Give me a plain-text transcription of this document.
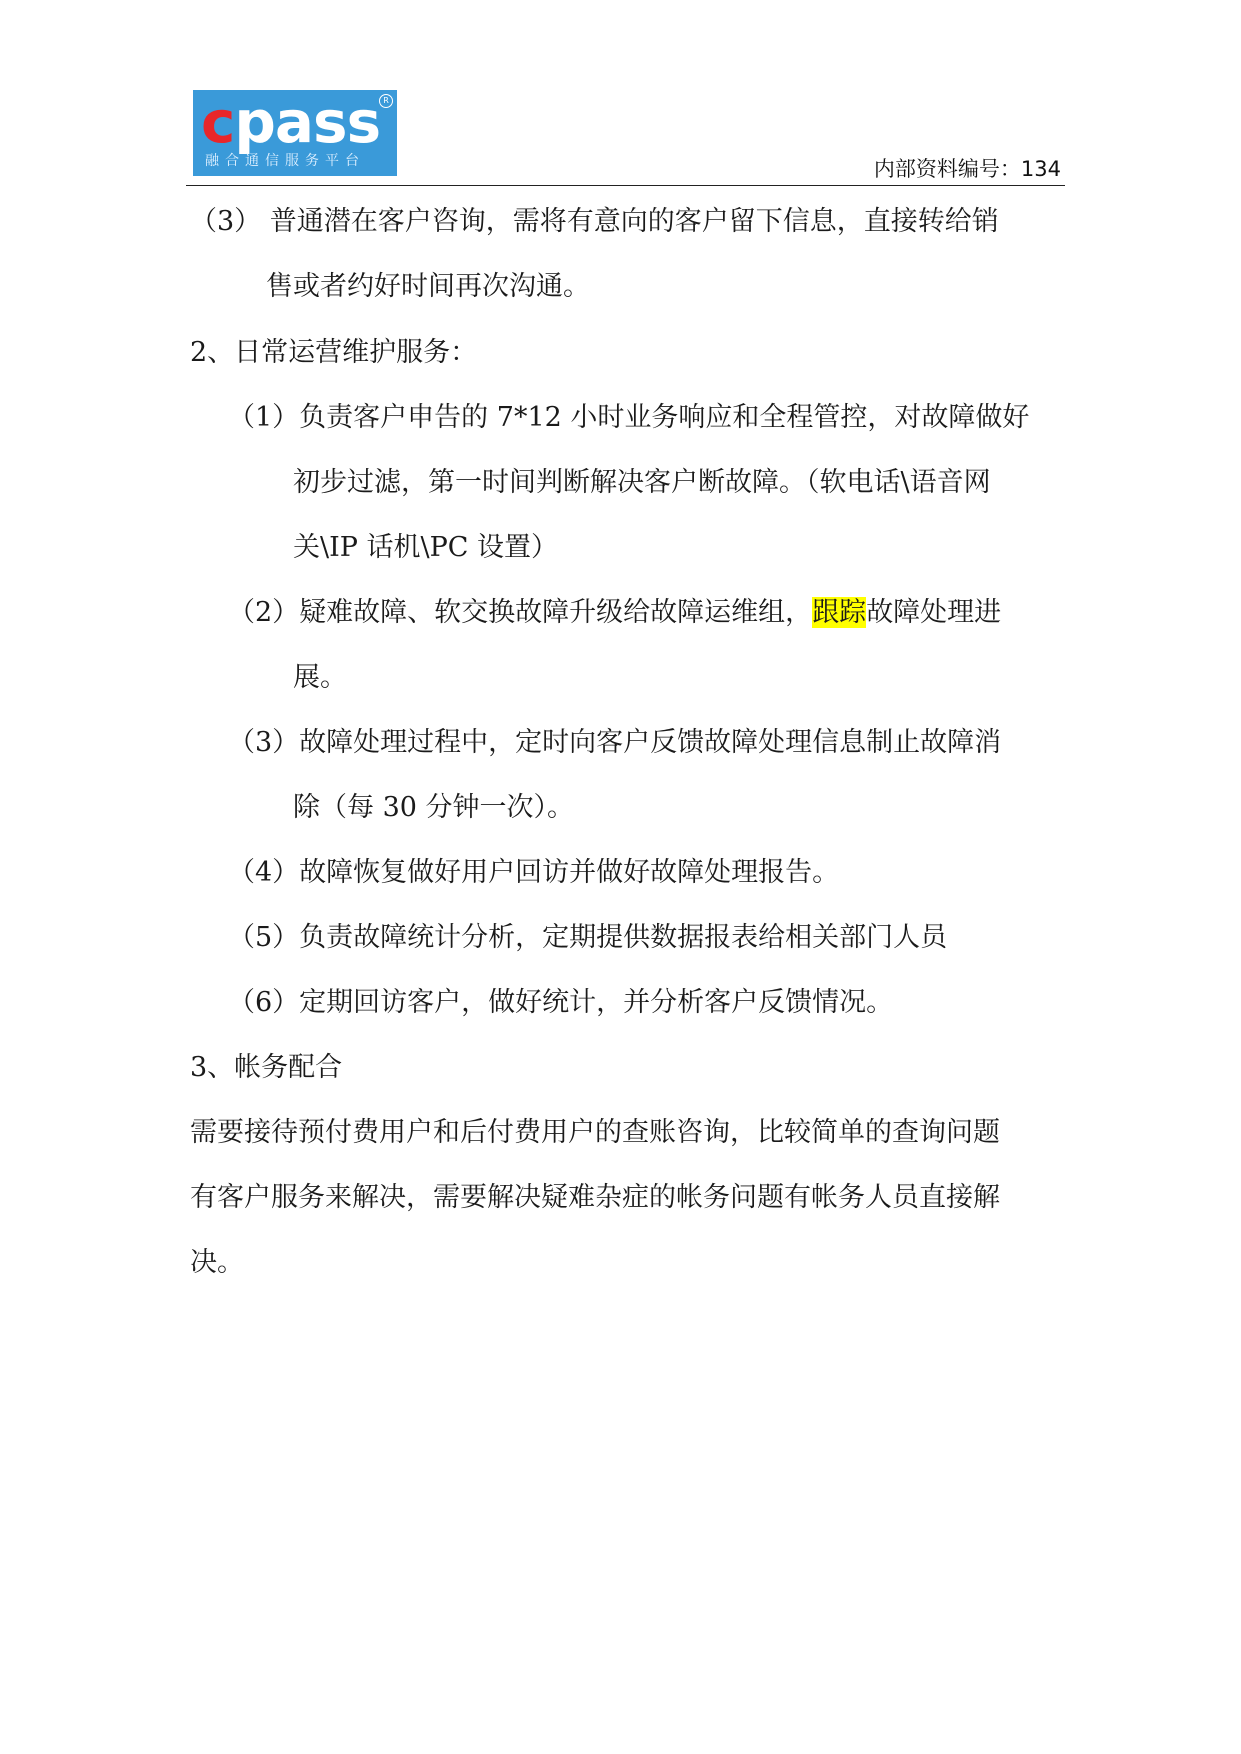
cpass R
融合通信服务平台	内部资料编号：134
（3） 普通潜在客户咨询，需将有意向的客户留下信息，直接转给销
售或者约好时间再次沟通。
2、日常运营维护服务：
（1）负责客户申告的 7*12 小时业务响应和全程管控，对故障做好
初步过滤，第一时间判断解决客户断故障。（软电话\语音网
关\IP 话机\PC 设置）
（2）疑难故障、软交换故障升级给故障运维组，跟踪故障处理进
展。
（3）故障处理过程中，定时向客户反馈故障处理信息制止故障消
除（每 30 分钟一次）。
（4）故障恢复做好用户回访并做好故障处理报告。
（5）负责故障统计分析，定期提供数据报表给相关部门人员
（6）定期回访客户，做好统计，并分析客户反馈情况。
3、帐务配合
需要接待预付费用户和后付费用户的查账咨询，比较简单的查询问题
有客户服务来解决，需要解决疑难杂症的帐务问题有帐务人员直接解
决。
